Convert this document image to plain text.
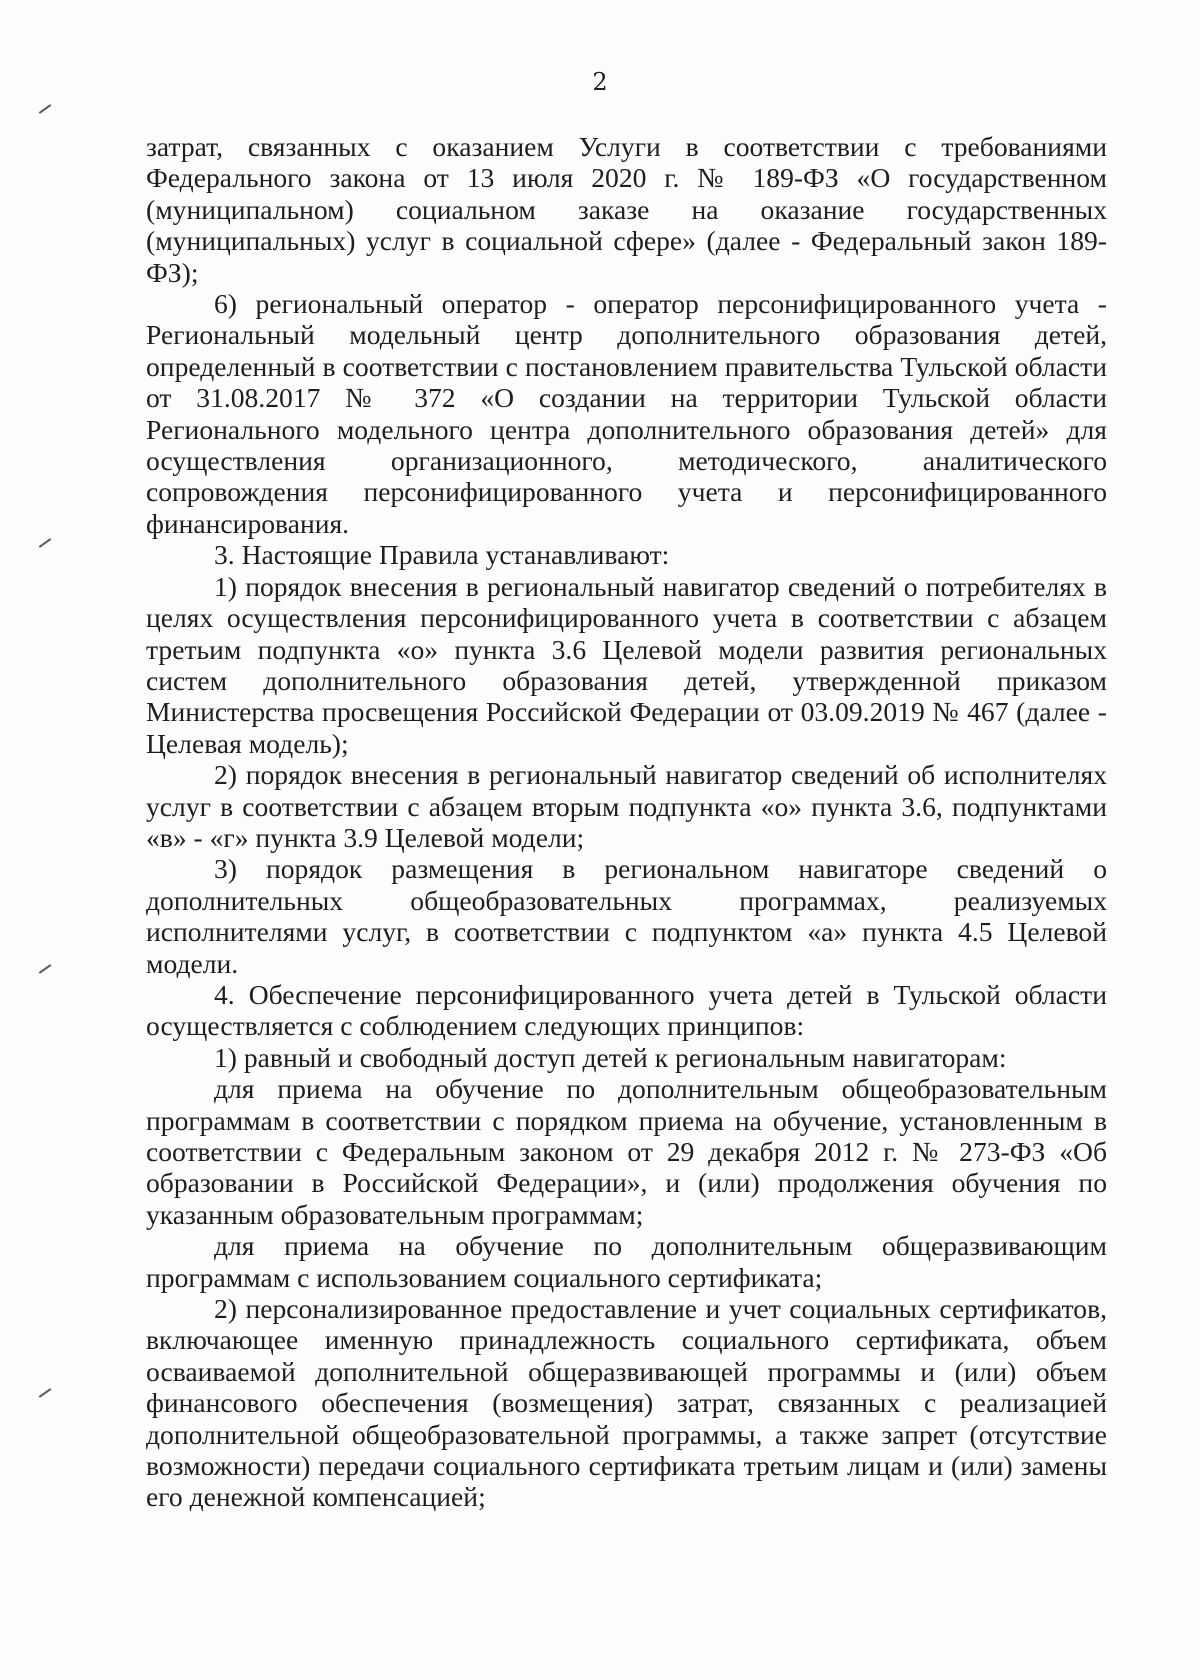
2

затрат, связанных с оказанием Услуги в соответствии с требованиями Федерального закона от 13 июля 2020 г. № 189-ФЗ «О государственном (муниципальном) социальном заказе на оказание государственных (муниципальных) услуг в социальной сфере» (далее - Федеральный закон 189-ФЗ);

6) региональный оператор - оператор персонифицированного учета - Региональный модельный центр дополнительного образования детей, определенный в соответствии с постановлением правительства Тульской области от 31.08.2017 № 372 «О создании на территории Тульской области Регионального модельного центра дополнительного образования детей» для осуществления организационного, методического, аналитического сопровождения персонифицированного учета и персонифицированного финансирования.

3. Настоящие Правила устанавливают:

1) порядок внесения в региональный навигатор сведений о потребителях в целях осуществления персонифицированного учета в соответствии с абзацем третьим подпункта «о» пункта 3.6 Целевой модели развития региональных систем дополнительного образования детей, утвержденной приказом Министерства просвещения Российской Федерации от 03.09.2019 № 467 (далее - Целевая модель);

2) порядок внесения в региональный навигатор сведений об исполнителях услуг в соответствии с абзацем вторым подпункта «о» пункта 3.6, подпунктами «в» - «г» пункта 3.9 Целевой модели;

3) порядок размещения в региональном навигаторе сведений о дополнительных общеобразовательных программах, реализуемых исполнителями услуг, в соответствии с подпунктом «а» пункта 4.5 Целевой модели.

4. Обеспечение персонифицированного учета детей в Тульской области осуществляется с соблюдением следующих принципов:

1) равный и свободный доступ детей к региональным навигаторам:

для приема на обучение по дополнительным общеобразовательным программам в соответствии с порядком приема на обучение, установленным в соответствии с Федеральным законом от 29 декабря 2012 г. № 273-ФЗ «Об образовании в Российской Федерации», и (или) продолжения обучения по указанным образовательным программам;

для приема на обучение по дополнительным общеразвивающим программам с использованием социального сертификата;

2) персонализированное предоставление и учет социальных сертификатов, включающее именную принадлежность социального сертификата, объем осваиваемой дополнительной общеразвивающей программы и (или) объем финансового обеспечения (возмещения) затрат, связанных с реализацией дополнительной общеобразовательной программы, а также запрет (отсутствие возможности) передачи социального сертификата третьим лицам и (или) замены его денежной компенсацией;
